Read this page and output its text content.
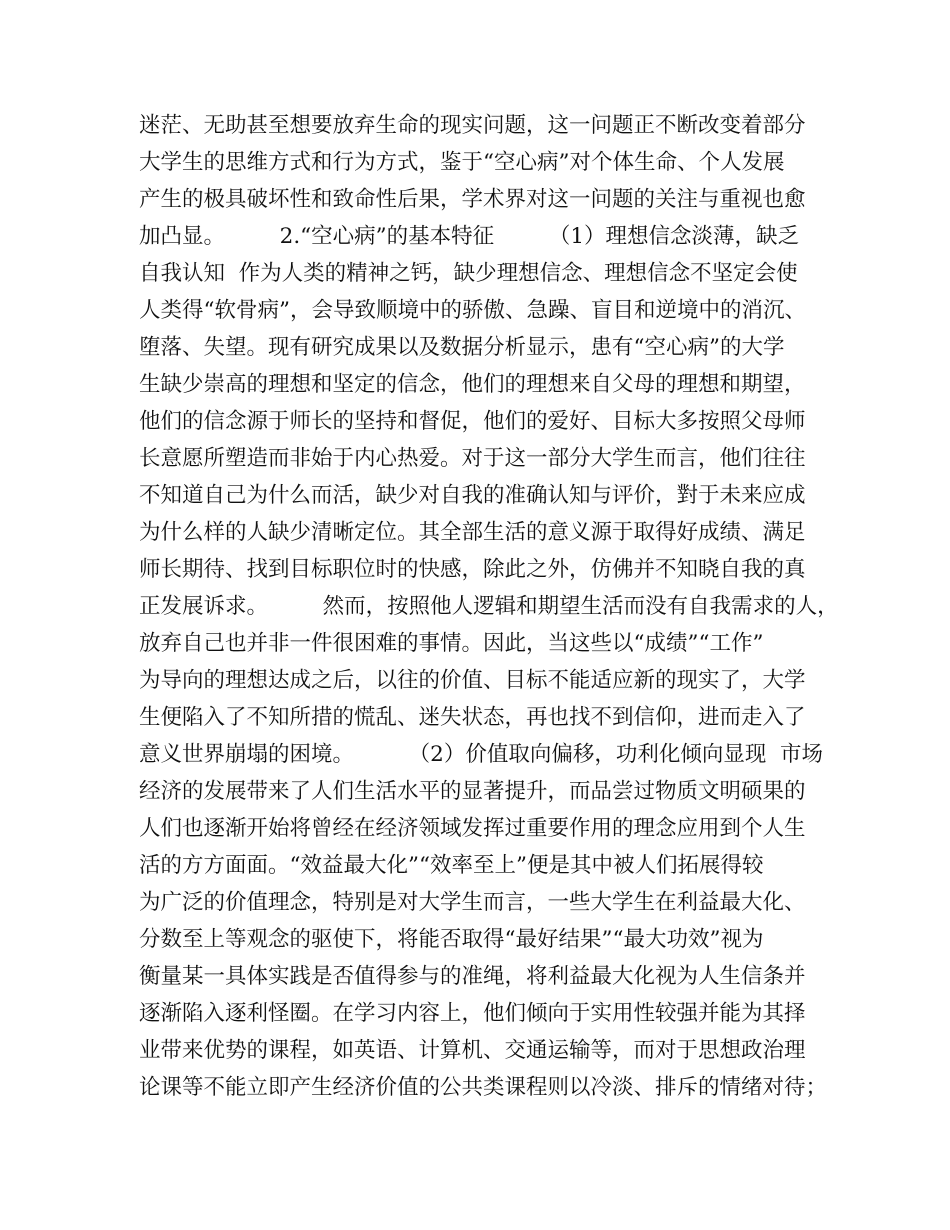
迷茫、无助甚至想要放弃生命的现实问题，这一问题正不断改变着部分
大学生的思维方式和行为方式，鉴于“空心病”对个体生命、个人发展
产生的极具破坏性和致命性后果，学术界对这一问题的关注与重视也愈
加凸显。        2.“空心病”的基本特征        （1）理想信念淡薄，缺乏
自我认知  作为人类的精神之钙，缺少理想信念、理想信念不坚定会使
人类得“软骨病”，会导致顺境中的骄傲、急躁、盲目和逆境中的消沉、
堕落、失望。现有研究成果以及数据分析显示，患有“空心病”的大学
生缺少崇高的理想和坚定的信念，他们的理想来自父母的理想和期望，
他们的信念源于师长的坚持和督促，他们的爱好、目标大多按照父母师
长意愿所塑造而非始于内心热爱。对于这一部分大学生而言，他们往往
不知道自己为什么而活，缺少对自我的准确认知与评价，對于未来应成
为什么样的人缺少清晰定位。其全部生活的意义源于取得好成绩、满足
师长期待、找到目标职位时的快感，除此之外，仿佛并不知晓自我的真
正发展诉求。        然而，按照他人逻辑和期望生活而没有自我需求的人，
放弃自己也并非一件很困难的事情。因此，当这些以“成绩”“工作”
为导向的理想达成之后，以往的价值、目标不能适应新的现实了，大学
生便陷入了不知所措的慌乱、迷失状态，再也找不到信仰，进而走入了
意义世界崩塌的困境。        （2）价值取向偏移，功利化倾向显现  市场
经济的发展带来了人们生活水平的显著提升，而品尝过物质文明硕果的
人们也逐渐开始将曾经在经济领域发挥过重要作用的理念应用到个人生
活的方方面面。“效益最大化”“效率至上”便是其中被人们拓展得较
为广泛的价值理念，特别是对大学生而言，一些大学生在利益最大化、
分数至上等观念的驱使下，将能否取得“最好结果”“最大功效”视为
衡量某一具体实践是否值得参与的准绳，将利益最大化视为人生信条并
逐渐陷入逐利怪圈。在学习内容上，他们倾向于实用性较强并能为其择
业带来优势的课程，如英语、计算机、交通运输等，而对于思想政治理
论课等不能立即产生经济价值的公共类课程则以冷淡、排斥的情绪对待；
